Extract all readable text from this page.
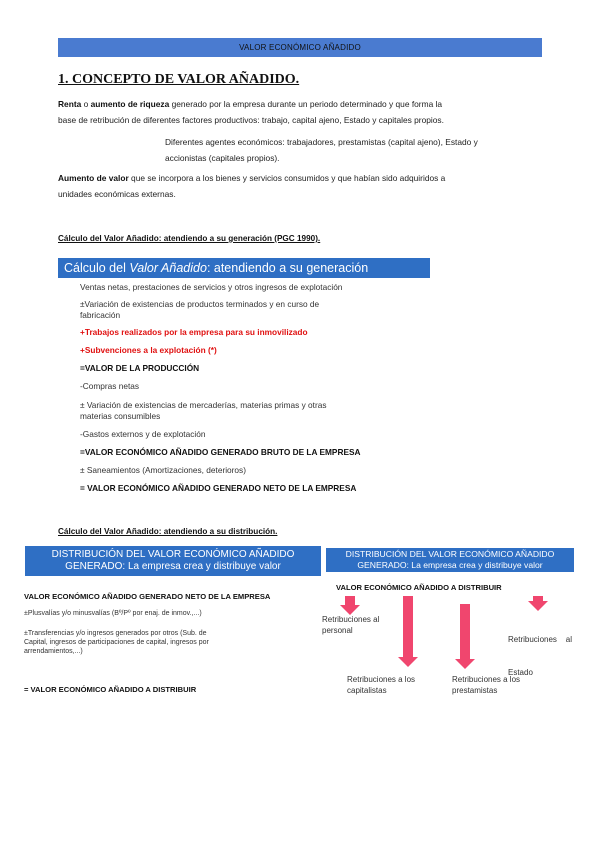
VALOR ECONÓMICO AÑADIDO
1. CONCEPTO DE VALOR AÑADIDO.
Renta o aumento de riqueza generado por la empresa durante un periodo determinado y que forma la
base de retribución de diferentes factores productivos: trabajo, capital ajeno, Estado y capitales propios.
Diferentes agentes económicos: trabajadores, prestamistas (capital ajeno), Estado y
accionistas (capitales propios).
Aumento de valor que se incorpora a los bienes y servicios consumidos y que habían sido adquiridos a
unidades económicas externas.
Cálculo del Valor Añadido: atendiendo a su generación (PGC 1990).
Cálculo del Valor Añadido: atendiendo a su generación
Ventas netas, prestaciones de servicios y otros ingresos de explotación
±Variación de existencias de productos terminados y en curso de
fabricación
+Trabajos realizados por la empresa para su inmovilizado
+Subvenciones a la explotación (*)
=VALOR DE LA PRODUCCIÓN
-Compras netas
± Variación de existencias de mercaderías, materias primas y otras
materias consumibles
-Gastos externos y de explotación
=VALOR ECONÓMICO AÑADIDO GENERADO BRUTO DE LA EMPRESA
± Saneamientos (Amortizaciones, deterioros)
= VALOR ECONÓMICO AÑADIDO GENERADO NETO DE LA EMPRESA
Cálculo del Valor Añadido: atendiendo a su distribución.
DISTRIBUCIÓN DEL VALOR ECONÓMICO AÑADIDO
GENERADO: La empresa crea y distribuye valor
VALOR ECONÓMICO AÑADIDO GENERADO NETO DE LA EMPRESA
±Plusvalías y/o minusvalías (Bº/Pº por enaj. de inmov.,...)
±Transferencias y/o ingresos generados por otros (Sub. de
Capital, ingresos de participaciones de capital, ingresos por
arrendamientos,...)
= VALOR ECONÓMICO AÑADIDO A DISTRIBUIR
DISTRIBUCIÓN DEL VALOR ECONÓMICO AÑADIDO
GENERADO: La empresa crea y distribuye valor
VALOR ECONÓMICO AÑADIDO A DISTRIBUIR
Retribuciones al
personal

Retribuciones    al

Estado

Retribuciones a los
capitalistas
Retribuciones a los
prestamistas
